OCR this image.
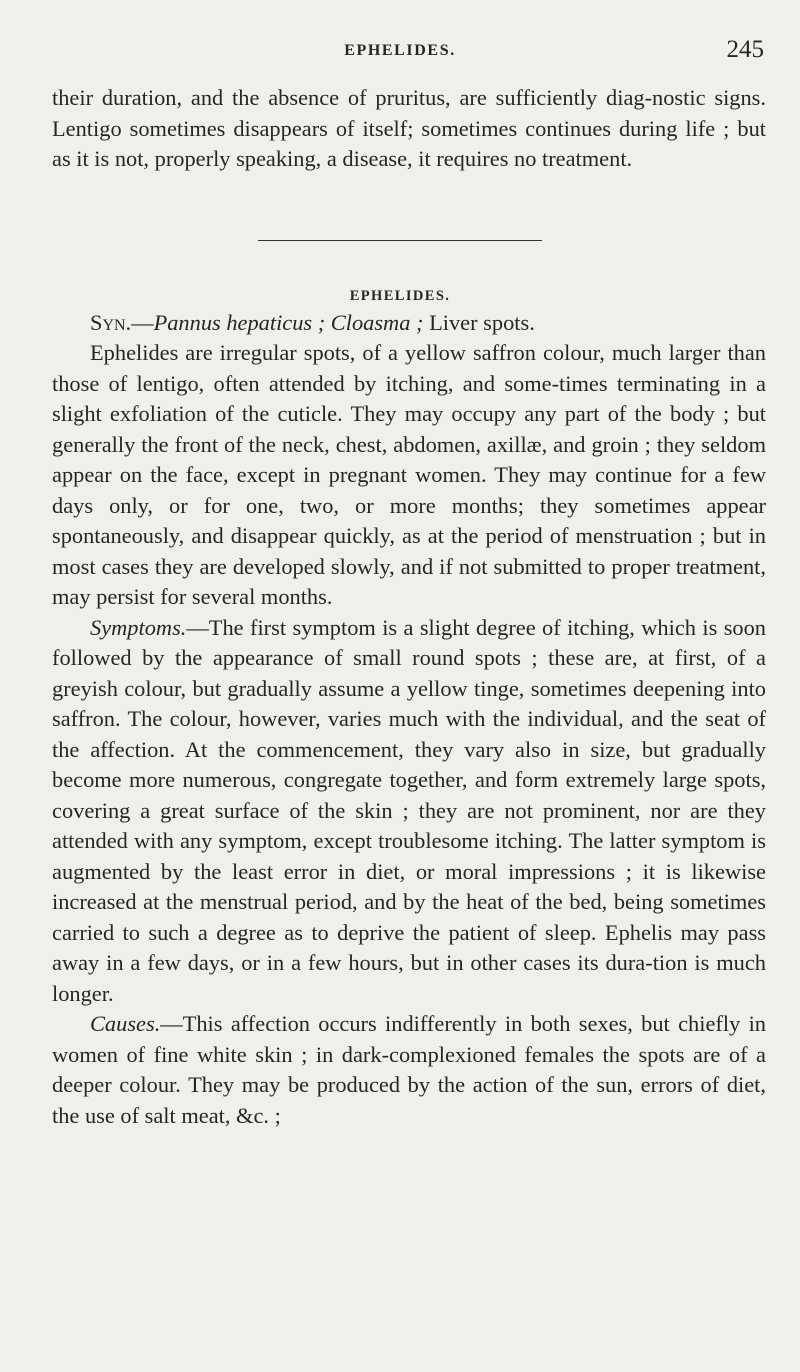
EPHELIDES.	245

their duration, and the absence of pruritus, are sufficiently diag-nostic signs. Lentigo sometimes disappears of itself; sometimes continues during life ; but as it is not, properly speaking, a disease, it requires no treatment.

EPHELIDES.
Syn.—Pannus hepaticus ; Cloasma ; Liver spots.

Ephelides are irregular spots, of a yellow saffron colour, much larger than those of lentigo, often attended by itching, and some-times terminating in a slight exfoliation of the cuticle. They may occupy any part of the body ; but generally the front of the neck, chest, abdomen, axillæ, and groin ; they seldom appear on the face, except in pregnant women. They may continue for a few days only, or for one, two, or more months; they sometimes appear spontaneously, and disappear quickly, as at the period of menstruation ; but in most cases they are developed slowly, and if not submitted to proper treatment, may persist for several months.

Symptoms.—The first symptom is a slight degree of itching, which is soon followed by the appearance of small round spots ; these are, at first, of a greyish colour, but gradually assume a yellow tinge, sometimes deepening into saffron. The colour, however, varies much with the individual, and the seat of the affection. At the commencement, they vary also in size, but gradually become more numerous, congregate together, and form extremely large spots, covering a great surface of the skin ; they are not prominent, nor are they attended with any symptom, except troublesome itching. The latter symptom is augmented by the least error in diet, or moral impressions ; it is likewise increased at the menstrual period, and by the heat of the bed, being sometimes carried to such a degree as to deprive the patient of sleep. Ephelis may pass away in a few days, or in a few hours, but in other cases its dura-tion is much longer.

Causes.—This affection occurs indifferently in both sexes, but chiefly in women of fine white skin ; in dark-complexioned females the spots are of a deeper colour. They may be produced by the action of the sun, errors of diet, the use of salt meat, &c. ;
